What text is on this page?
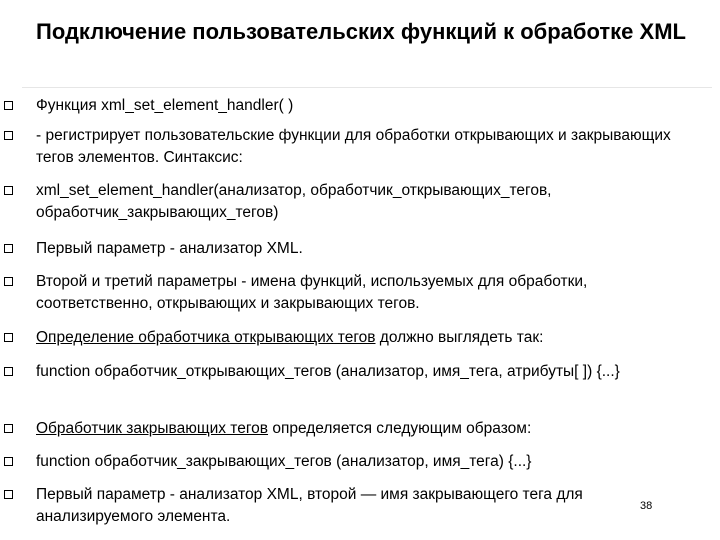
Подключение пользовательских функций к обработке XML
Функция xml_set_element_handler( )
- регистрирует пользовательские функции для обработки открывающих и закрывающих тегов элементов. Синтаксис:
xml_set_element_handler(анализатор, обработчик_открывающих_тегов, обработчик_закрывающих_тегов)
Первый параметр - анализатор XML.
Второй и третий параметры - имена функций, используемых для обработки, соответственно, открывающих и закрывающих тегов.
Определение обработчика открывающих тегов должно выглядеть так:
function обработчик_открывающих_тегов (анализатор, имя_тега, атрибуты[ ]) {...}
Обработчик закрывающих тегов определяется следующим образом:
function обработчик_закрывающих_тегов (анализатор, имя_тега) {...}
Первый параметр - анализатор XML, второй — имя закрывающего тега для анализируемого элемента.
38
